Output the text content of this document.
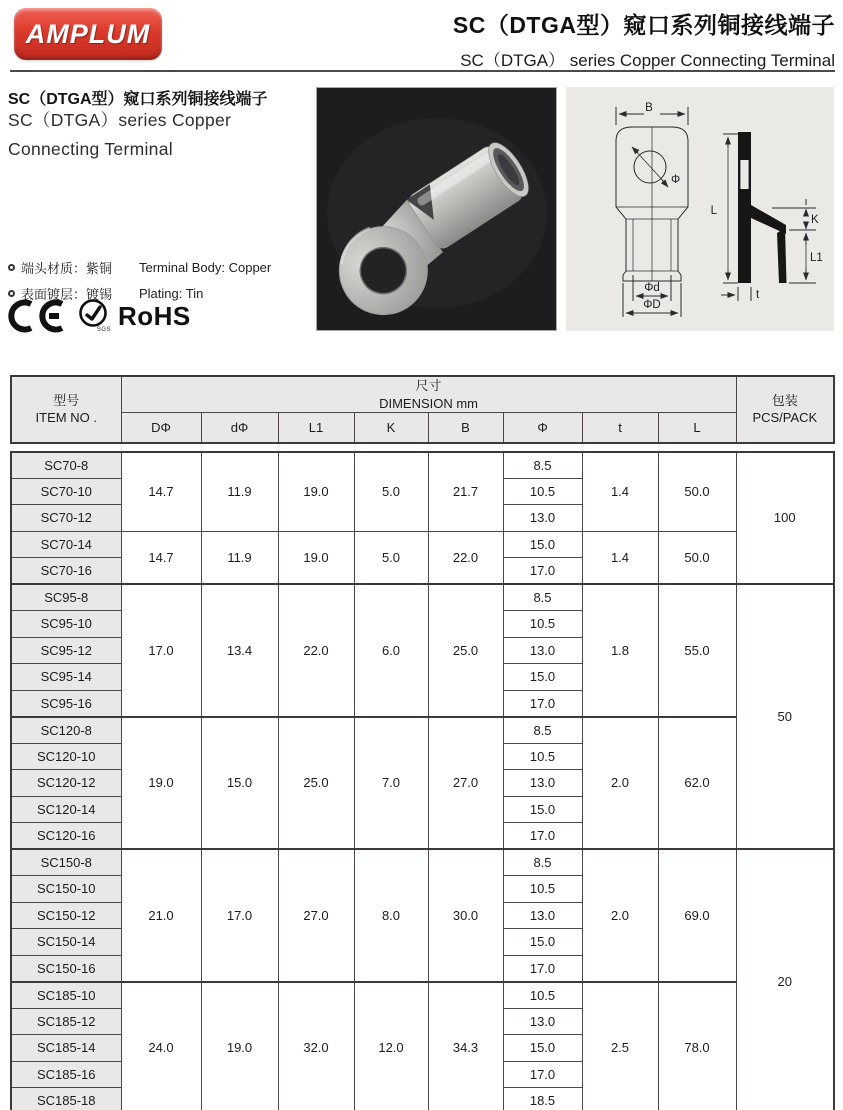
AMPLUM	SC（DTGA型）窥口系列铜接线端子
SC（DTGA） series Copper Connecting Terminal
SC（DTGA型）窥口系列铜接线端子
SC（DTGA）series Copper
Connecting Terminal
端头材质：紫铜	Terminal Body: Copper
表面镀层：镀锡	Plating: Tin
SGS RoHS
B
Φ
Φd
ΦD
L
K
L1
t
型号
ITEM NO .

尺寸
DIMENSION mm	包装
PCS/PACK

	DΦ	dΦ	L1	K	B	Φ	t	L	
SC70-8	14.7	11.9	19.0	5.0	21.7	8.5	1.4	50.0	100
SC70-10						10.5			
SC70-12						13.0			
SC70-14	14.7	11.9	19.0	5.0	22.0	15.0	1.4	50.0	
SC70-16						17.0			
SC95-8	17.0	13.4	22.0	6.0	25.0	8.5	1.8	55.0	50
SC95-10						10.5			
SC95-12						13.0			
SC95-14						15.0			
SC95-16						17.0			
SC120-8	19.0	15.0	25.0	7.0	27.0	8.5	2.0	62.0	
SC120-10						10.5			
SC120-12						13.0			
SC120-14						15.0			
SC120-16						17.0			
SC150-8	21.0	17.0	27.0	8.0	30.0	8.5	2.0	69.0	20
SC150-10						10.5			
SC150-12						13.0			
SC150-14						15.0			
SC150-16						17.0			
SC185-10	24.0	19.0	32.0	12.0	34.3	10.5	2.5	78.0	
SC185-12						13.0			
SC185-14						15.0			
SC185-16						17.0			
SC185-18						18.5			
